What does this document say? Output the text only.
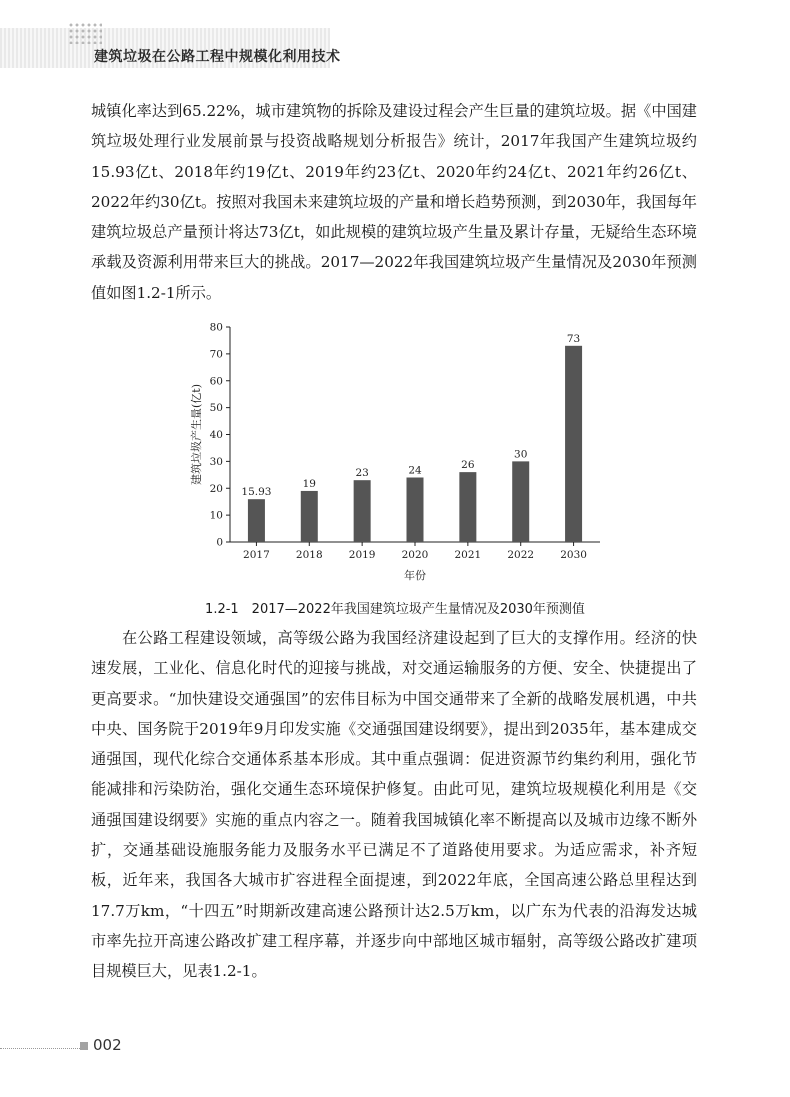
建筑垃圾在公路工程中规模化利用技术

城镇化率达到65.22%，城市建筑物的拆除及建设过程会产生巨量的建筑垃圾。据《中国建筑垃圾处理行业发展前景与投资战略规划分析报告》统计，2017年我国产生建筑垃圾约15.93亿t、2018年约19亿t、2019年约23亿t、2020年约24亿t、2021年约26亿t、2022年约30亿t。按照对我国未来建筑垃圾的产量和增长趋势预测，到2030年，我国每年建筑垃圾总产量预计将达73亿t，如此规模的建筑垃圾产生量及累计存量，无疑给生态环境承载及资源利用带来巨大的挑战。2017—2022年我国建筑垃圾产生量情况及2030年预测值如图1.2-1所示。

0
10
20
30
40
50
60
70
80
15.93
2017
19
2018
23
2019
24
2020
26
2021
30
2022
73
2030
年份
建筑垃圾产生量(亿t)
1.2-1　2017—2022年我国建筑垃圾产生量情况及2030年预测值

在公路工程建设领域，高等级公路为我国经济建设起到了巨大的支撑作用。经济的快速发展，工业化、信息化时代的迎接与挑战，对交通运输服务的方便、安全、快捷提出了更高要求。“加快建设交通强国”的宏伟目标为中国交通带来了全新的战略发展机遇，中共中央、国务院于2019年9月印发实施《交通强国建设纲要》，提出到2035年，基本建成交通强国，现代化综合交通体系基本形成。其中重点强调：促进资源节约集约利用，强化节能减排和污染防治，强化交通生态环境保护修复。由此可见，建筑垃圾规模化利用是《交通强国建设纲要》实施的重点内容之一。随着我国城镇化率不断提高以及城市边缘不断外扩，交通基础设施服务能力及服务水平已满足不了道路使用要求。为适应需求，补齐短板，近年来，我国各大城市扩容进程全面提速，到2022年底，全国高速公路总里程达到17.7万km，“十四五”时期新改建高速公路预计达2.5万km，以广东为代表的沿海发达城市率先拉开高速公路改扩建工程序幕，并逐步向中部地区城市辐射，高等级公路改扩建项目规模巨大，见表1.2-1。

002
